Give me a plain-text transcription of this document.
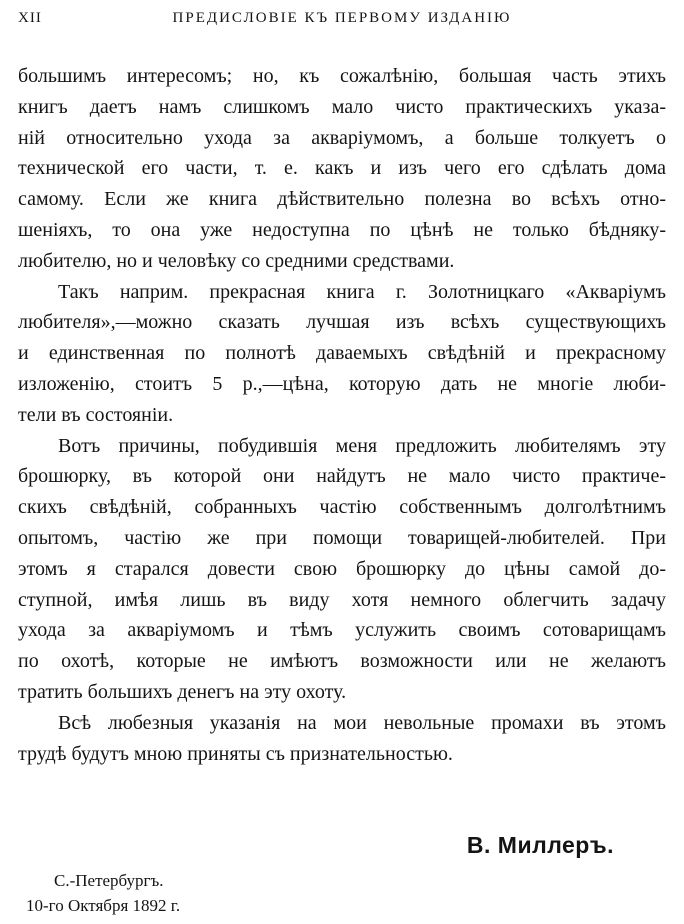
XII	ПРЕДИСЛОВІЕ КЪ ПЕРВОМУ ИЗДАНІЮ
большимъ интересомъ; но, къ сожалѣнію, большая часть этихъ
книгъ даетъ намъ слишкомъ мало чисто практическихъ указа-
ній относительно ухода за акваріумомъ, а больше толкуетъ о
технической его части, т. е. какъ и изъ чего его сдѣлать дома
самому. Если же книга дѣйствительно полезна во всѣхъ отно-
шеніяхъ, то она уже недоступна по цѣнѣ не только бѣдняку-
любителю, но и человѣку со средними средствами.
Такъ наприм. прекрасная книга г. Золотницкаго «Акваріумъ
любителя»,—можно сказать лучшая изъ всѣхъ существующихъ
и единственная по полнотѣ даваемыхъ свѣдѣній и прекрасному
изложенію, стоитъ 5 р.,—цѣна, которую дать не многіе люби-
тели въ состояніи.
Вотъ причины, побудившія меня предложить любителямъ эту
брошюрку, въ которой они найдутъ не мало чисто практиче-
скихъ свѣдѣній, собранныхъ частію собственнымъ долголѣтнимъ
опытомъ, частію же при помощи товарищей-любителей. При
этомъ я старался довести свою брошюрку до цѣны самой до-
ступной, имѣя лишь въ виду хотя немного облегчить задачу
ухода за акваріумомъ и тѣмъ услужить своимъ сотоварищамъ
по охотѣ, которые не имѣютъ возможности или не желаютъ
тратить большихъ денегъ на эту охоту.
Всѣ любезныя указанія на мои невольные промахи въ этомъ
трудѣ будутъ мною приняты съ признательностью.
В. Миллеръ.
С.-Петербургъ.
10-го Октября 1892 г.
